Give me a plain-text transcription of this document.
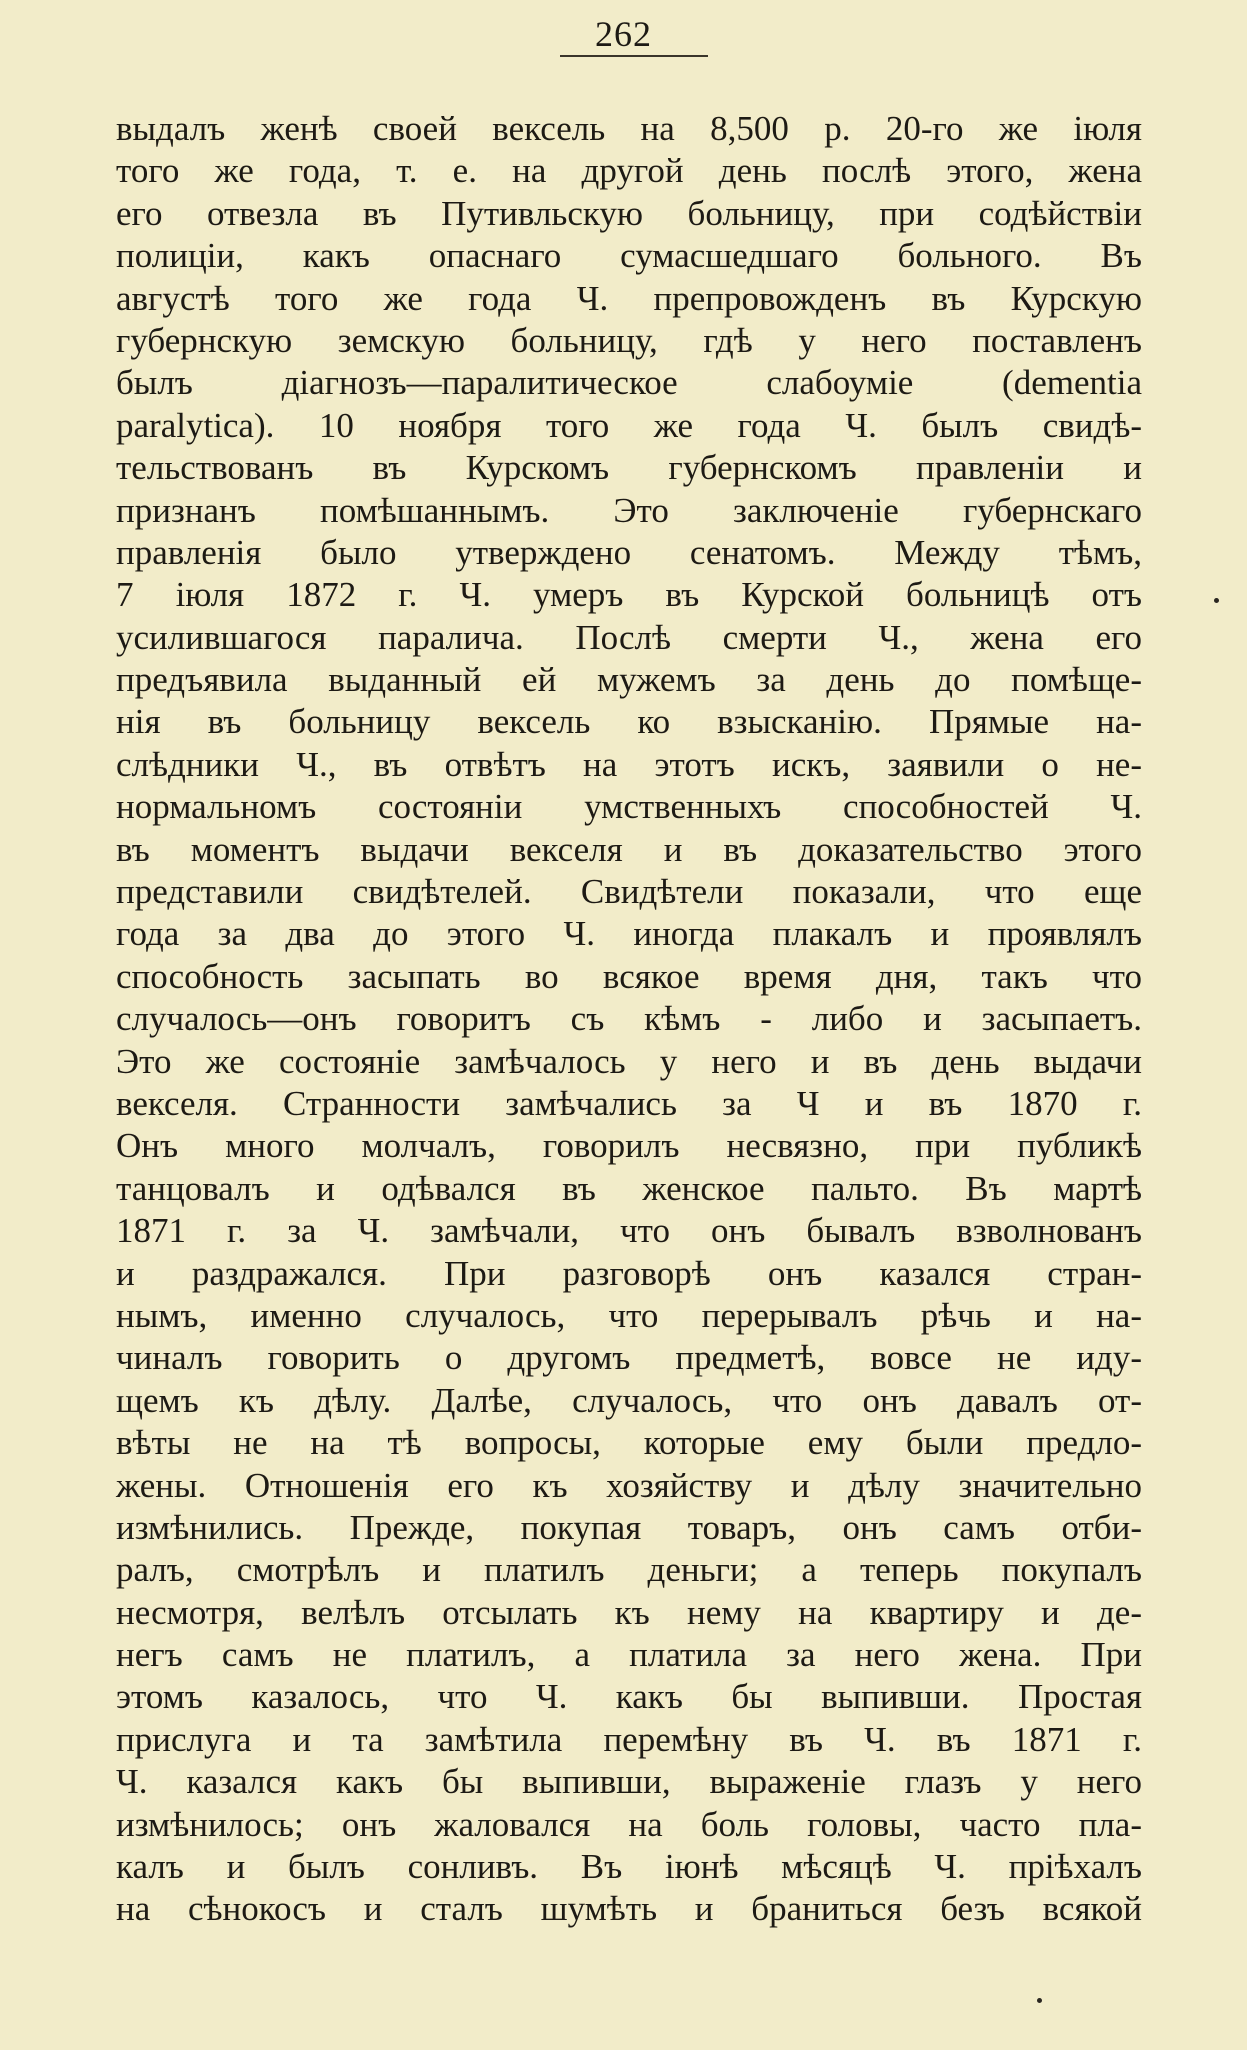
262
выдалъ женѣ своей вексель на 8,500 р. 20-го же іюля
того же года, т. е. на другой день послѣ этого, жена
его отвезла въ Путивльскую больницу, при содѣйствіи
полиціи, какъ опаснаго сумасшедшаго больного. Въ
августѣ того же года Ч. препровожденъ въ Курскую
губернскую земскую больницу, гдѣ у него поставленъ
былъ діагнозъ—паралитическое слабоуміе (dementia
paralytica). 10 ноября того же года Ч. былъ свидѣ-
тельствованъ въ Курскомъ губернскомъ правленіи и
признанъ помѣшаннымъ. Это заключеніе губернскаго
правленія было утверждено сенатомъ. Между тѣмъ,
7 іюля 1872 г. Ч. умеръ въ Курской больницѣ отъ
усилившагося паралича. Послѣ смерти Ч., жена его
предъявила выданный ей мужемъ за день до помѣще-
нія въ больницу вексель ко взысканію. Прямые на-
слѣдники Ч., въ отвѣтъ на этотъ искъ, заявили о не-
нормальномъ состояніи умственныхъ способностей Ч.
въ моментъ выдачи векселя и въ доказательство этого
представили свидѣтелей. Свидѣтели показали, что еще
года за два до этого Ч. иногда плакалъ и проявлялъ
способность засыпать во всякое время дня, такъ что
случалось—онъ говоритъ съ кѣмъ - либо и засыпаетъ.
Это же состояніе замѣчалось у него и въ день выдачи
векселя. Странности замѣчались за Ч и въ 1870 г.
Онъ много молчалъ, говорилъ несвязно, при публикѣ
танцовалъ и одѣвался въ женское пальто. Въ мартѣ
1871 г. за Ч. замѣчали, что онъ бывалъ взволнованъ
и раздражался. При разговорѣ онъ казался стран-
нымъ, именно случалось, что перерывалъ рѣчь и на-
чиналъ говорить о другомъ предметѣ, вовсе не иду-
щемъ къ дѣлу. Далѣе, случалось, что онъ давалъ от-
вѣты не на тѣ вопросы, которые ему были предло-
жены. Отношенія его къ хозяйству и дѣлу значительно
измѣнились. Прежде, покупая товаръ, онъ самъ отби-
ралъ, смотрѣлъ и платилъ деньги; а теперь покупалъ
несмотря, велѣлъ отсылать къ нему на квартиру и де-
негъ самъ не платилъ, а платила за него жена. При
этомъ казалось, что Ч. какъ бы выпивши. Простая
прислуга и та замѣтила перемѣну въ Ч. въ 1871 г.
Ч. казался какъ бы выпивши, выраженіе глазъ у него
измѣнилось; онъ жаловался на боль головы, часто пла-
калъ и былъ сонливъ. Въ іюнѣ мѣсяцѣ Ч. пріѣхалъ
на сѣнокосъ и сталъ шумѣть и браниться безъ всякой
